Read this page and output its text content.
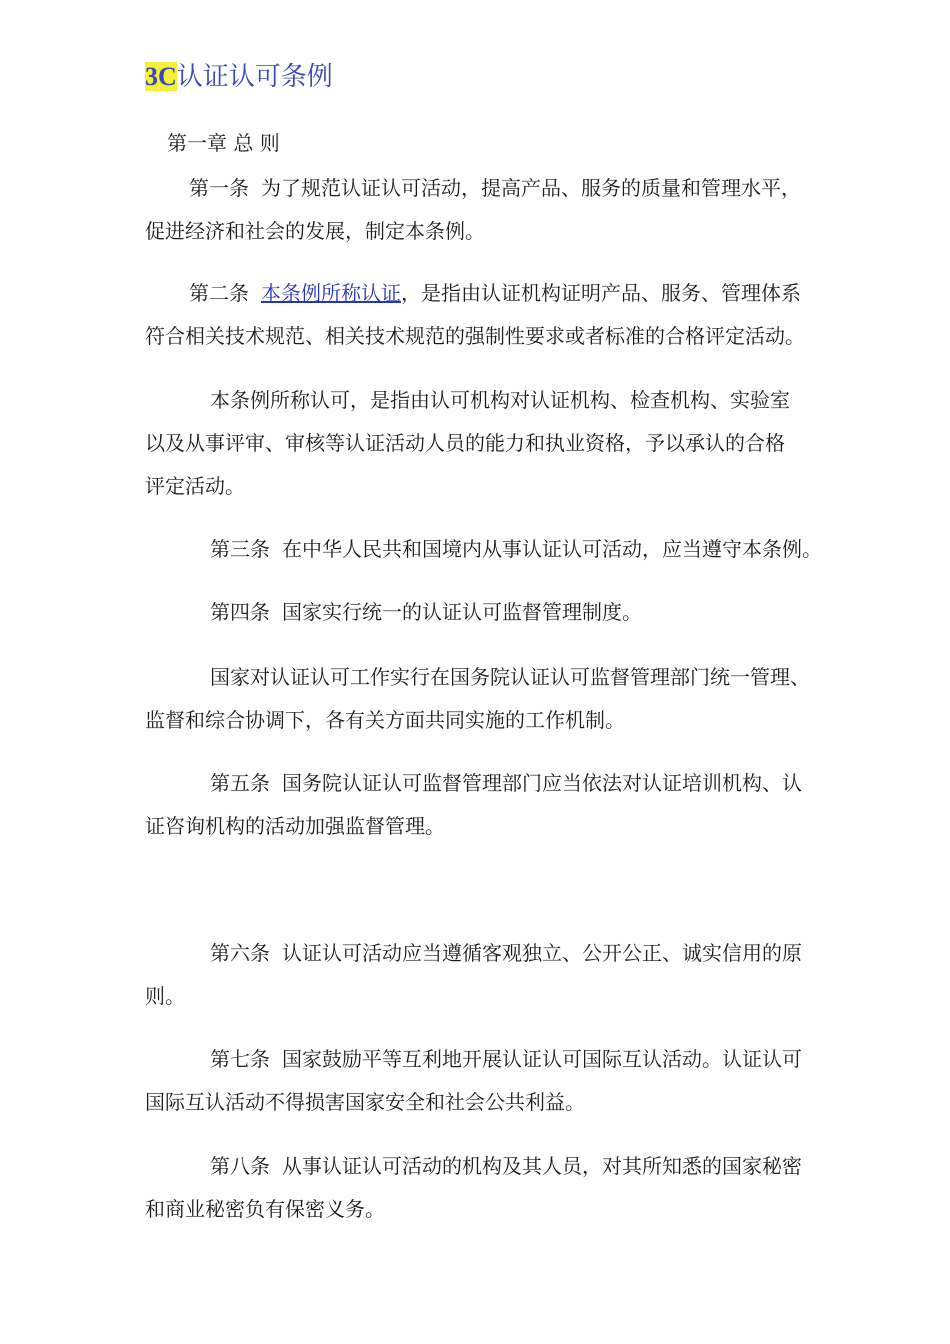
3C认证认可条例
第一章 总 则
第一条 为了规范认证认可活动，提高产品、服务的质量和管理水平，
促进经济和社会的发展，制定本条例。
第二条 本条例所称认证，是指由认证机构证明产品、服务、管理体系
符合相关技术规范、相关技术规范的强制性要求或者标准的合格评定活动。
本条例所称认可，是指由认可机构对认证机构、检查机构、实验室
以及从事评审、审核等认证活动人员的能力和执业资格，予以承认的合格
评定活动。
第三条 在中华人民共和国境内从事认证认可活动，应当遵守本条例。
第四条 国家实行统一的认证认可监督管理制度。
国家对认证认可工作实行在国务院认证认可监督管理部门统一管理、
监督和综合协调下，各有关方面共同实施的工作机制。
第五条 国务院认证认可监督管理部门应当依法对认证培训机构、认
证咨询机构的活动加强监督管理。
第六条 认证认可活动应当遵循客观独立、公开公正、诚实信用的原
则。
第七条 国家鼓励平等互利地开展认证认可国际互认活动。认证认可
国际互认活动不得损害国家安全和社会公共利益。
第八条 从事认证认可活动的机构及其人员，对其所知悉的国家秘密
和商业秘密负有保密义务。
